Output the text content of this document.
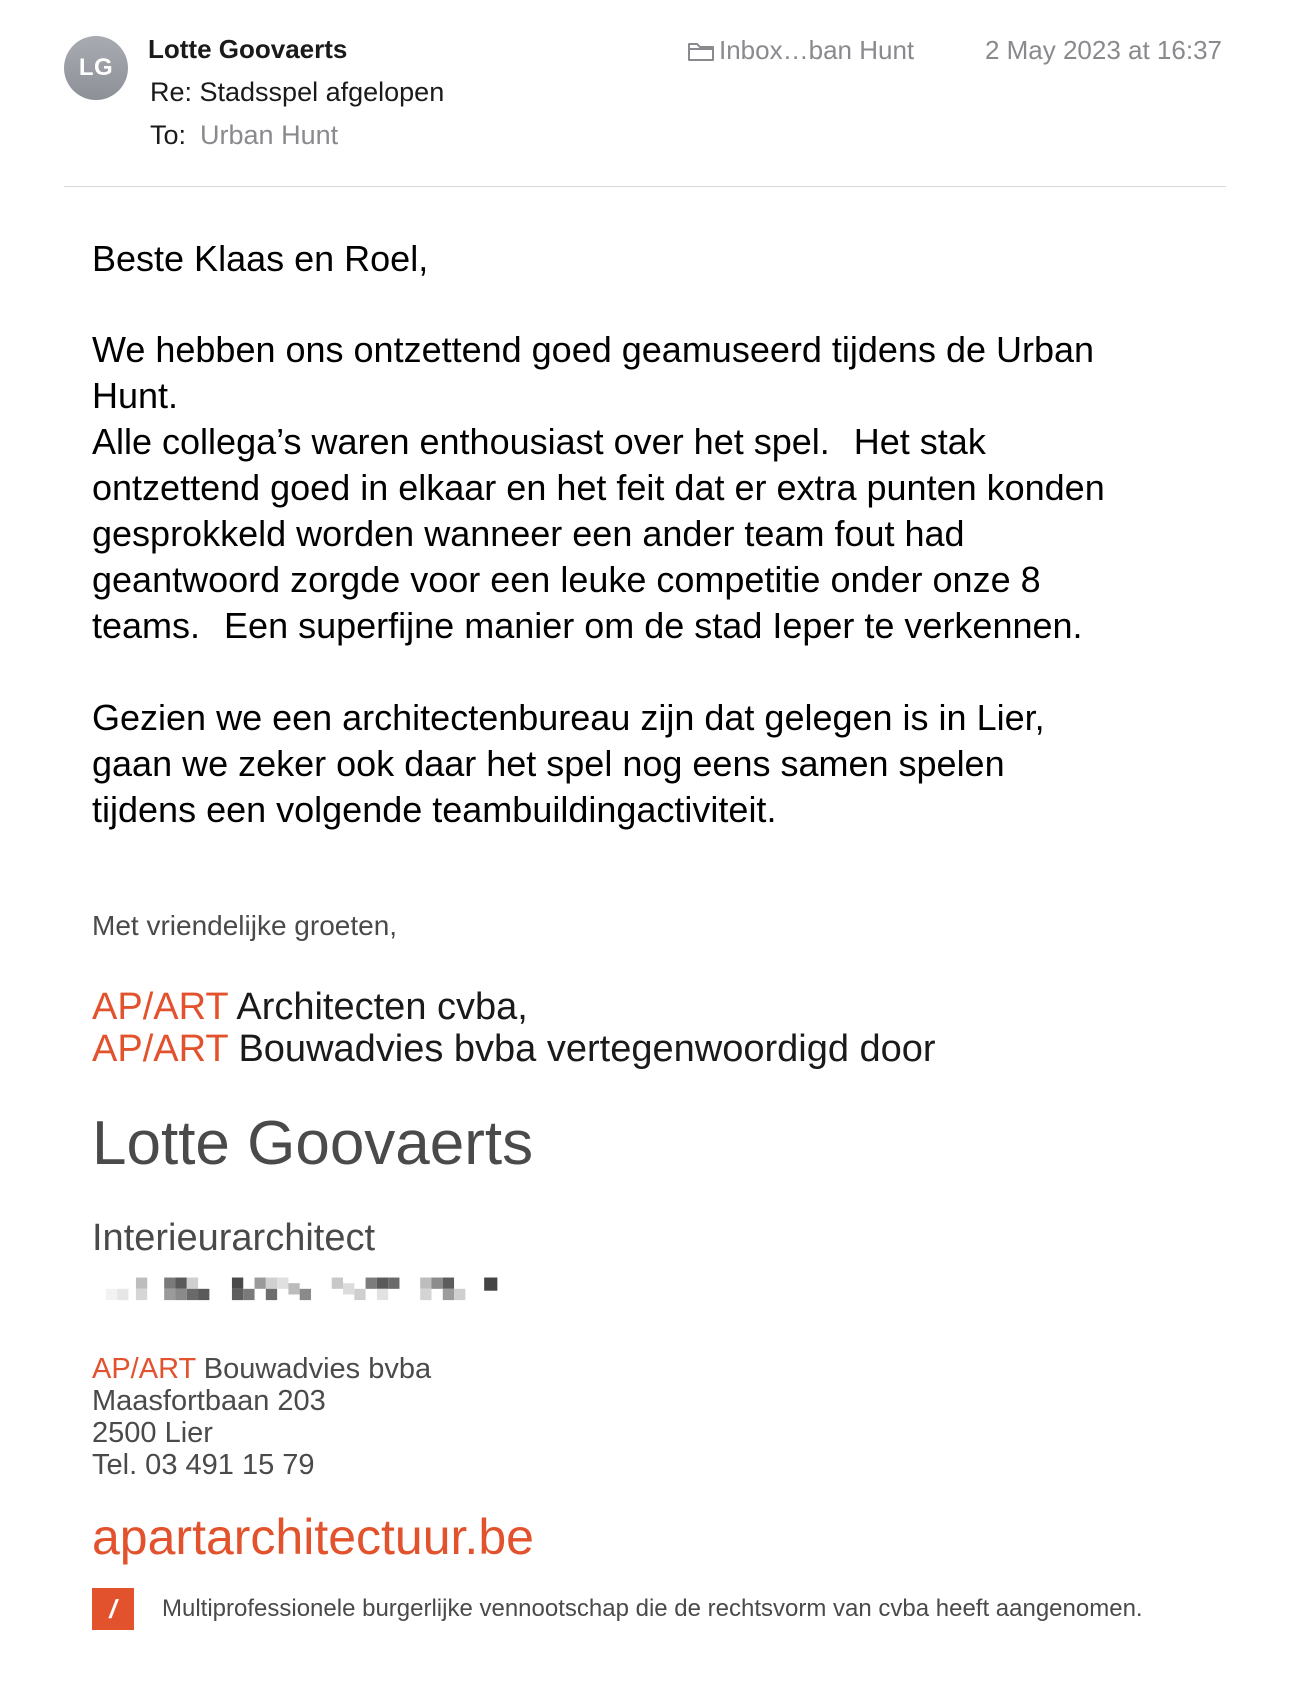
LG
Lotte Goovaerts
Re: Stadsspel afgelopen
To: Urban Hunt
Inbox…ban Hunt	2 May 2023 at 16:37
Beste Klaas en Roel,

We hebben ons ontzettend goed geamuseerd tijdens de Urban

Hunt.

Alle collega’s waren enthousiast over het spel. Het stak

ontzettend goed in elkaar en het feit dat er extra punten konden

gesprokkeld worden wanneer een ander team fout had

geantwoord zorgde voor een leuke competitie onder onze 8

teams. Een superfijne manier om de stad Ieper te verkennen.

Gezien we een architectenbureau zijn dat gelegen is in Lier,

gaan we zeker ook daar het spel nog eens samen spelen

tijdens een volgende teambuildingactiviteit.

Met vriendelijke groeten,
AP/ART Architecten cvba,
AP/ART Bouwadvies bvba vertegenwoordigd door
Lotte Goovaerts
Interieurarchitect
AP/ART Bouwadvies bvba
Maasfortbaan 203
2500 Lier
Tel. 03 491 15 79
apartarchitectuur.be
/	Multiprofessionele burgerlijke vennootschap die de rechtsvorm van cvba heeft aangenomen.
